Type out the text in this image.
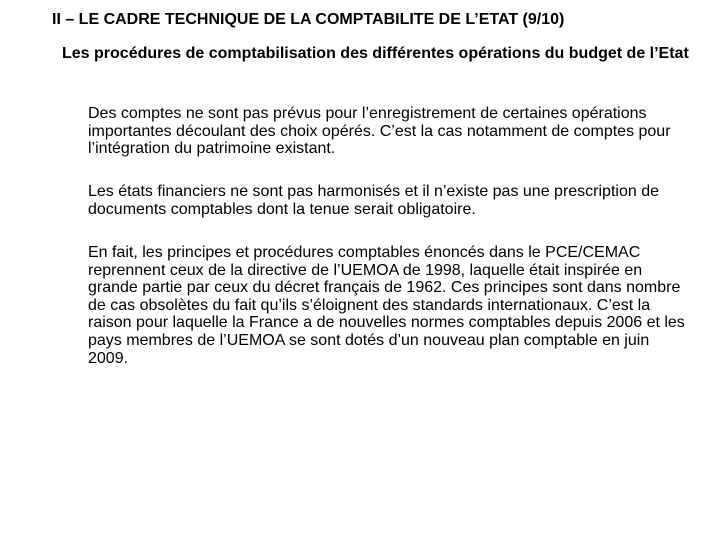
II – LE CADRE TECHNIQUE DE LA COMPTABILITE DE L’ETAT (9/10)
Les procédures de comptabilisation des différentes opérations du budget de l’Etat
Des comptes ne sont pas prévus pour l’enregistrement de certaines opérations importantes découlant des choix opérés. C’est la cas notamment de comptes pour l’intégration du patrimoine existant.
Les états financiers ne sont pas harmonisés et il n’existe pas une prescription de documents comptables dont la tenue serait obligatoire.
En fait, les principes et procédures comptables énoncés dans le PCE/CEMAC reprennent ceux de la directive de l’UEMOA de 1998, laquelle était inspirée en grande partie par ceux du décret français de 1962. Ces principes sont dans nombre de cas obsolètes du fait qu’ils s’éloignent des standards internationaux. C’est la raison pour laquelle la France a de nouvelles normes comptables depuis 2006 et les pays membres de l’UEMOA se sont dotés d’un nouveau plan comptable en juin 2009.
